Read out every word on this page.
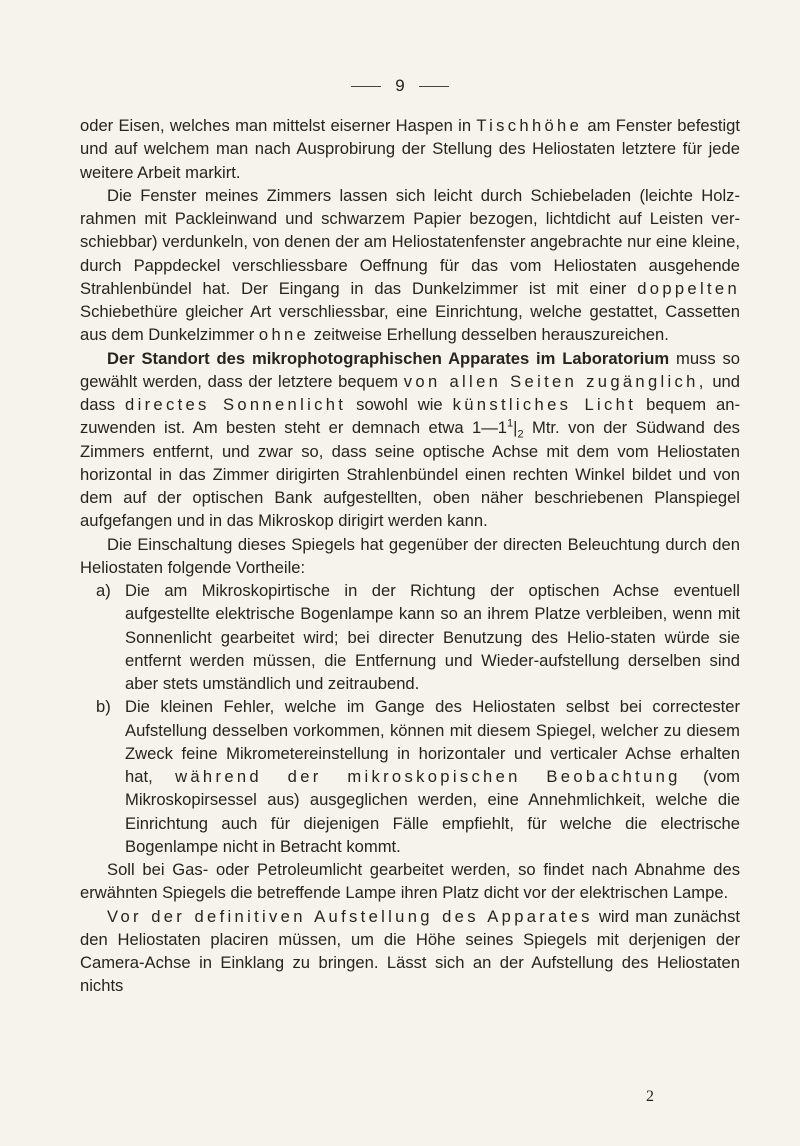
9

oder Eisen, welches man mittelst eiserner Haspen in Tischhöhe am Fenster befestigt und auf welchem man nach Ausprobirung der Stellung des Heliostaten letztere für jede weitere Arbeit markirt.

Die Fenster meines Zimmers lassen sich leicht durch Schiebeladen (leichte Holz-rahmen mit Packleinwand und schwarzem Papier bezogen, lichtdicht auf Leisten ver-schiebbar) verdunkeln, von denen der am Heliostatenfenster angebrachte nur eine kleine, durch Pappdeckel verschliessbare Oeffnung für das vom Heliostaten ausgehende Strahlenbündel hat. Der Eingang in das Dunkelzimmer ist mit einer doppelten Schiebethüre gleicher Art verschliessbar, eine Einrichtung, welche gestattet, Cassetten aus dem Dunkelzimmer ohne zeitweise Erhellung desselben herauszureichen.

Der Standort des mikrophotographischen Apparates im Laboratorium muss so gewählt werden, dass der letztere bequem von allen Seiten zugänglich, und dass directes Sonnenlicht sowohl wie künstliches Licht bequem an-zuwenden ist. Am besten steht er demnach etwa $1—1^1|_2$ Mtr. von der Südwand des Zimmers entfernt, und zwar so, dass seine optische Achse mit dem vom Heliostaten horizontal in das Zimmer dirigirten Strahlenbündel einen rechten Winkel bildet und von dem auf der optischen Bank aufgestellten, oben näher beschriebenen Planspiegel aufgefangen und in das Mikroskop dirigirt werden kann.

Die Einschaltung dieses Spiegels hat gegenüber der directen Beleuchtung durch den Heliostaten folgende Vortheile:

a) Die am Mikroskopirtische in der Richtung der optischen Achse eventuell aufgestellte elektrische Bogenlampe kann so an ihrem Platze verbleiben, wenn mit Sonnenlicht gearbeitet wird; bei directer Benutzung des Helio-staten würde sie entfernt werden müssen, die Entfernung und Wieder-aufstellung derselben sind aber stets umständlich und zeitraubend.
b) Die kleinen Fehler, welche im Gange des Heliostaten selbst bei correctester Aufstellung desselben vorkommen, können mit diesem Spiegel, welcher zu diesem Zweck feine Mikrometereinstellung in horizontaler und verticaler Achse erhalten hat, während der mikroskopischen Beobachtung (vom Mikroskopirsessel aus) ausgeglichen werden, eine Annehmlichkeit, welche die Einrichtung auch für diejenigen Fälle empfiehlt, für welche die electrische Bogenlampe nicht in Betracht kommt.

Soll bei Gas- oder Petroleumlicht gearbeitet werden, so findet nach Abnahme des erwähnten Spiegels die betreffende Lampe ihren Platz dicht vor der elektrischen Lampe.

Vor der definitiven Aufstellung des Apparates wird man zunächst den Heliostaten placiren müssen, um die Höhe seines Spiegels mit derjenigen der Camera-Achse in Einklang zu bringen. Lässt sich an der Aufstellung des Heliostaten nichts

2
